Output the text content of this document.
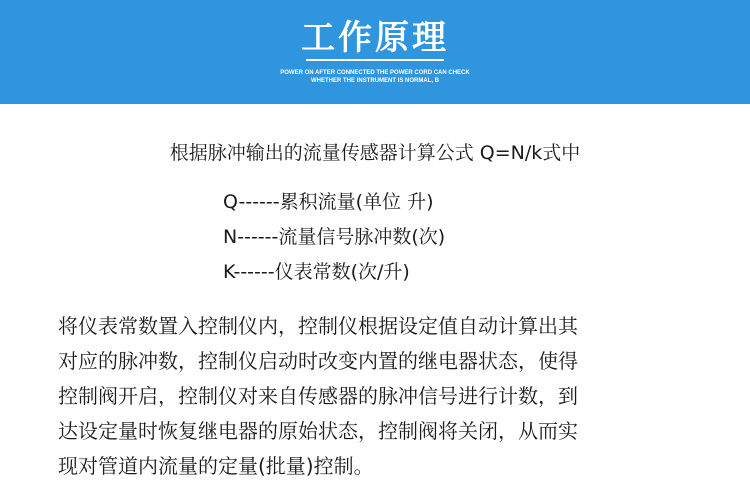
工作原理
POWER ON AFTER CONNECTED THE POWER CORD CAN CHECK
WHETHER THE INSTRUMENT IS NORMAL, B
根据脉冲输出的流量传感器计算公式 Q=N/k式中
Q------累积流量(单位 升)
N------流量信号脉冲数(次)
K------仪表常数(次/升)
将仪表常数置入控制仪内，控制仪根据设定值自动计算出其
对应的脉冲数，控制仪启动时改变内置的继电器状态，使得
控制阀开启，控制仪对来自传感器的脉冲信号进行计数，到
达设定量时恢复继电器的原始状态，控制阀将关闭，从而实
现对管道内流量的定量(批量)控制。
